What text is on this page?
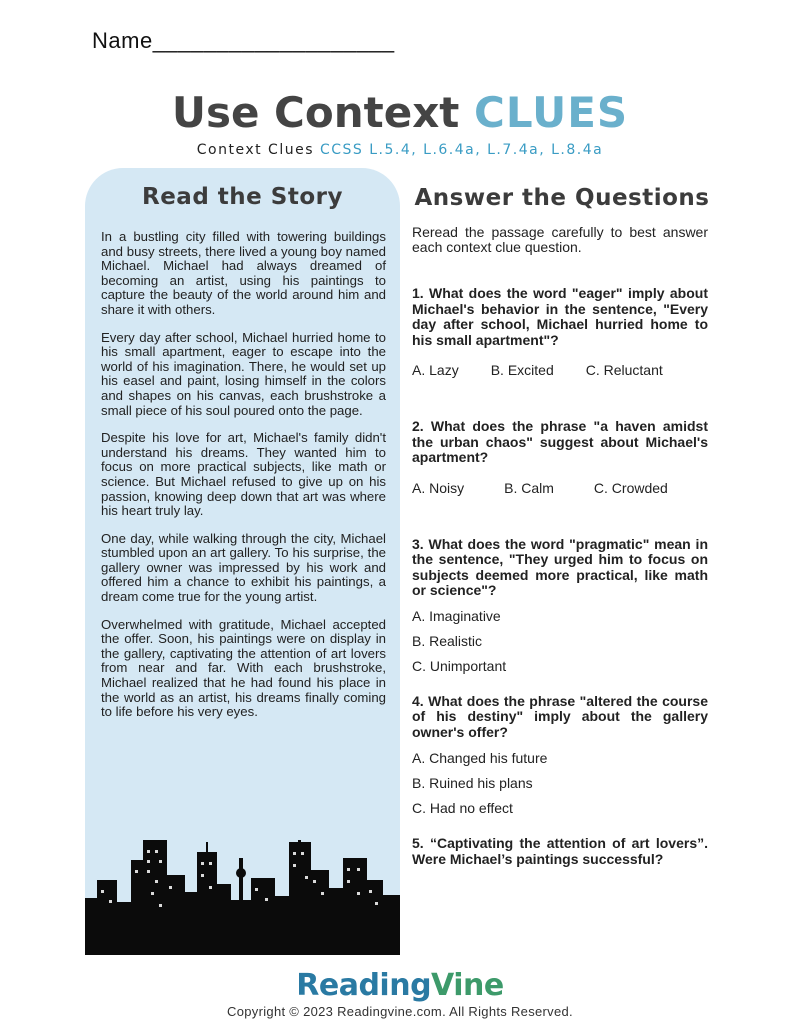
Name___________________
Use Context CLUES
Context Clues CCSS L.5.4, L.6.4a, L.7.4a, L.8.4a
Read the Story

In a bustling city filled with towering buildings and busy streets, there lived a young boy named Michael. Michael had always dreamed of becoming an artist, using his paintings to capture the beauty of the world around him and share it with others.

Every day after school, Michael hurried home to his small apartment, eager to escape into the world of his imagination. There, he would set up his easel and paint, losing himself in the colors and shapes on his canvas, each brushstroke a small piece of his soul poured onto the page.

Despite his love for art, Michael's family didn't understand his dreams. They wanted him to focus on more practical subjects, like math or science. But Michael refused to give up on his passion, knowing deep down that art was where his heart truly lay.

One day, while walking through the city, Michael stumbled upon an art gallery. To his surprise, the gallery owner was impressed by his work and offered him a chance to exhibit his paintings, a dream come true for the young artist.

Overwhelmed with gratitude, Michael accepted the offer. Soon, his paintings were on display in the gallery, captivating the attention of art lovers from near and far. With each brushstroke, Michael realized that he had found his place in the world as an artist, his dreams finally coming to life before his very eyes.

Answer the Questions

Reread the passage carefully to best answer each context clue question.

1. What does the word "eager" imply about Michael's behavior in the sentence, "Every day after school, Michael hurried home to his small apartment"?

A. Lazy B. Excited C. Reluctant

2. What does the phrase "a haven amidst the urban chaos" suggest about Michael's apartment?

A. Noisy	B. Calm	C. Crowded

3. What does the word "pragmatic" mean in the sentence, "They urged him to focus on subjects deemed more practical, like math or science"?

A. Imaginative
B. Realistic
C. Unimportant

4. What does the phrase "altered the course of his destiny" imply about the gallery owner's offer?

A. Changed his future
B. Ruined his plans
C. Had no effect

5. “Captivating the attention of art lovers”. Were Michael’s paintings successful?

ReadingVine
Copyright © 2023 Readingvine.com. All Rights Reserved.
